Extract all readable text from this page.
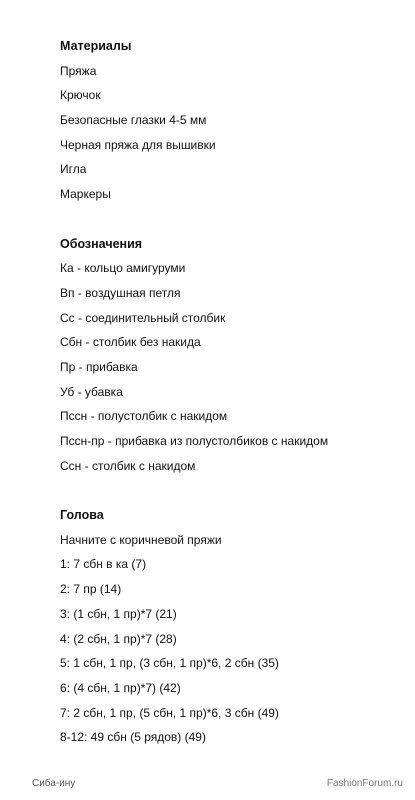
Материалы
Пряжа
Крючок
Безопасные глазки 4-5 мм
Черная пряжа для вышивки
Игла
Маркеры
Обозначения
Ка - кольцо амигуруми
Вп - воздушная петля
Сс - соединительный столбик
Сбн - столбик без накида
Пр - прибавка
Уб - убавка
Пссн - полустолбик с накидом
Пссн-пр - прибавка из полустолбиков с накидом
Ссн - столбик с накидом
Голова
Начните с коричневой пряжи
1: 7 сбн в ка (7)
2: 7 пр (14)
3: (1 сбн, 1 пр)*7 (21)
4: (2 сбн, 1 пр)*7 (28)
5: 1 сбн, 1 пр, (3 сбн, 1 пр)*6, 2 сбн (35)
6: (4 сбн, 1 пр)*7) (42)
7: 2 сбн, 1 пр, (5 сбн, 1 пр)*6, 3 сбн (49)
8-12: 49 сбн (5 рядов) (49)
Сиба-ину	FashionForum.ru
